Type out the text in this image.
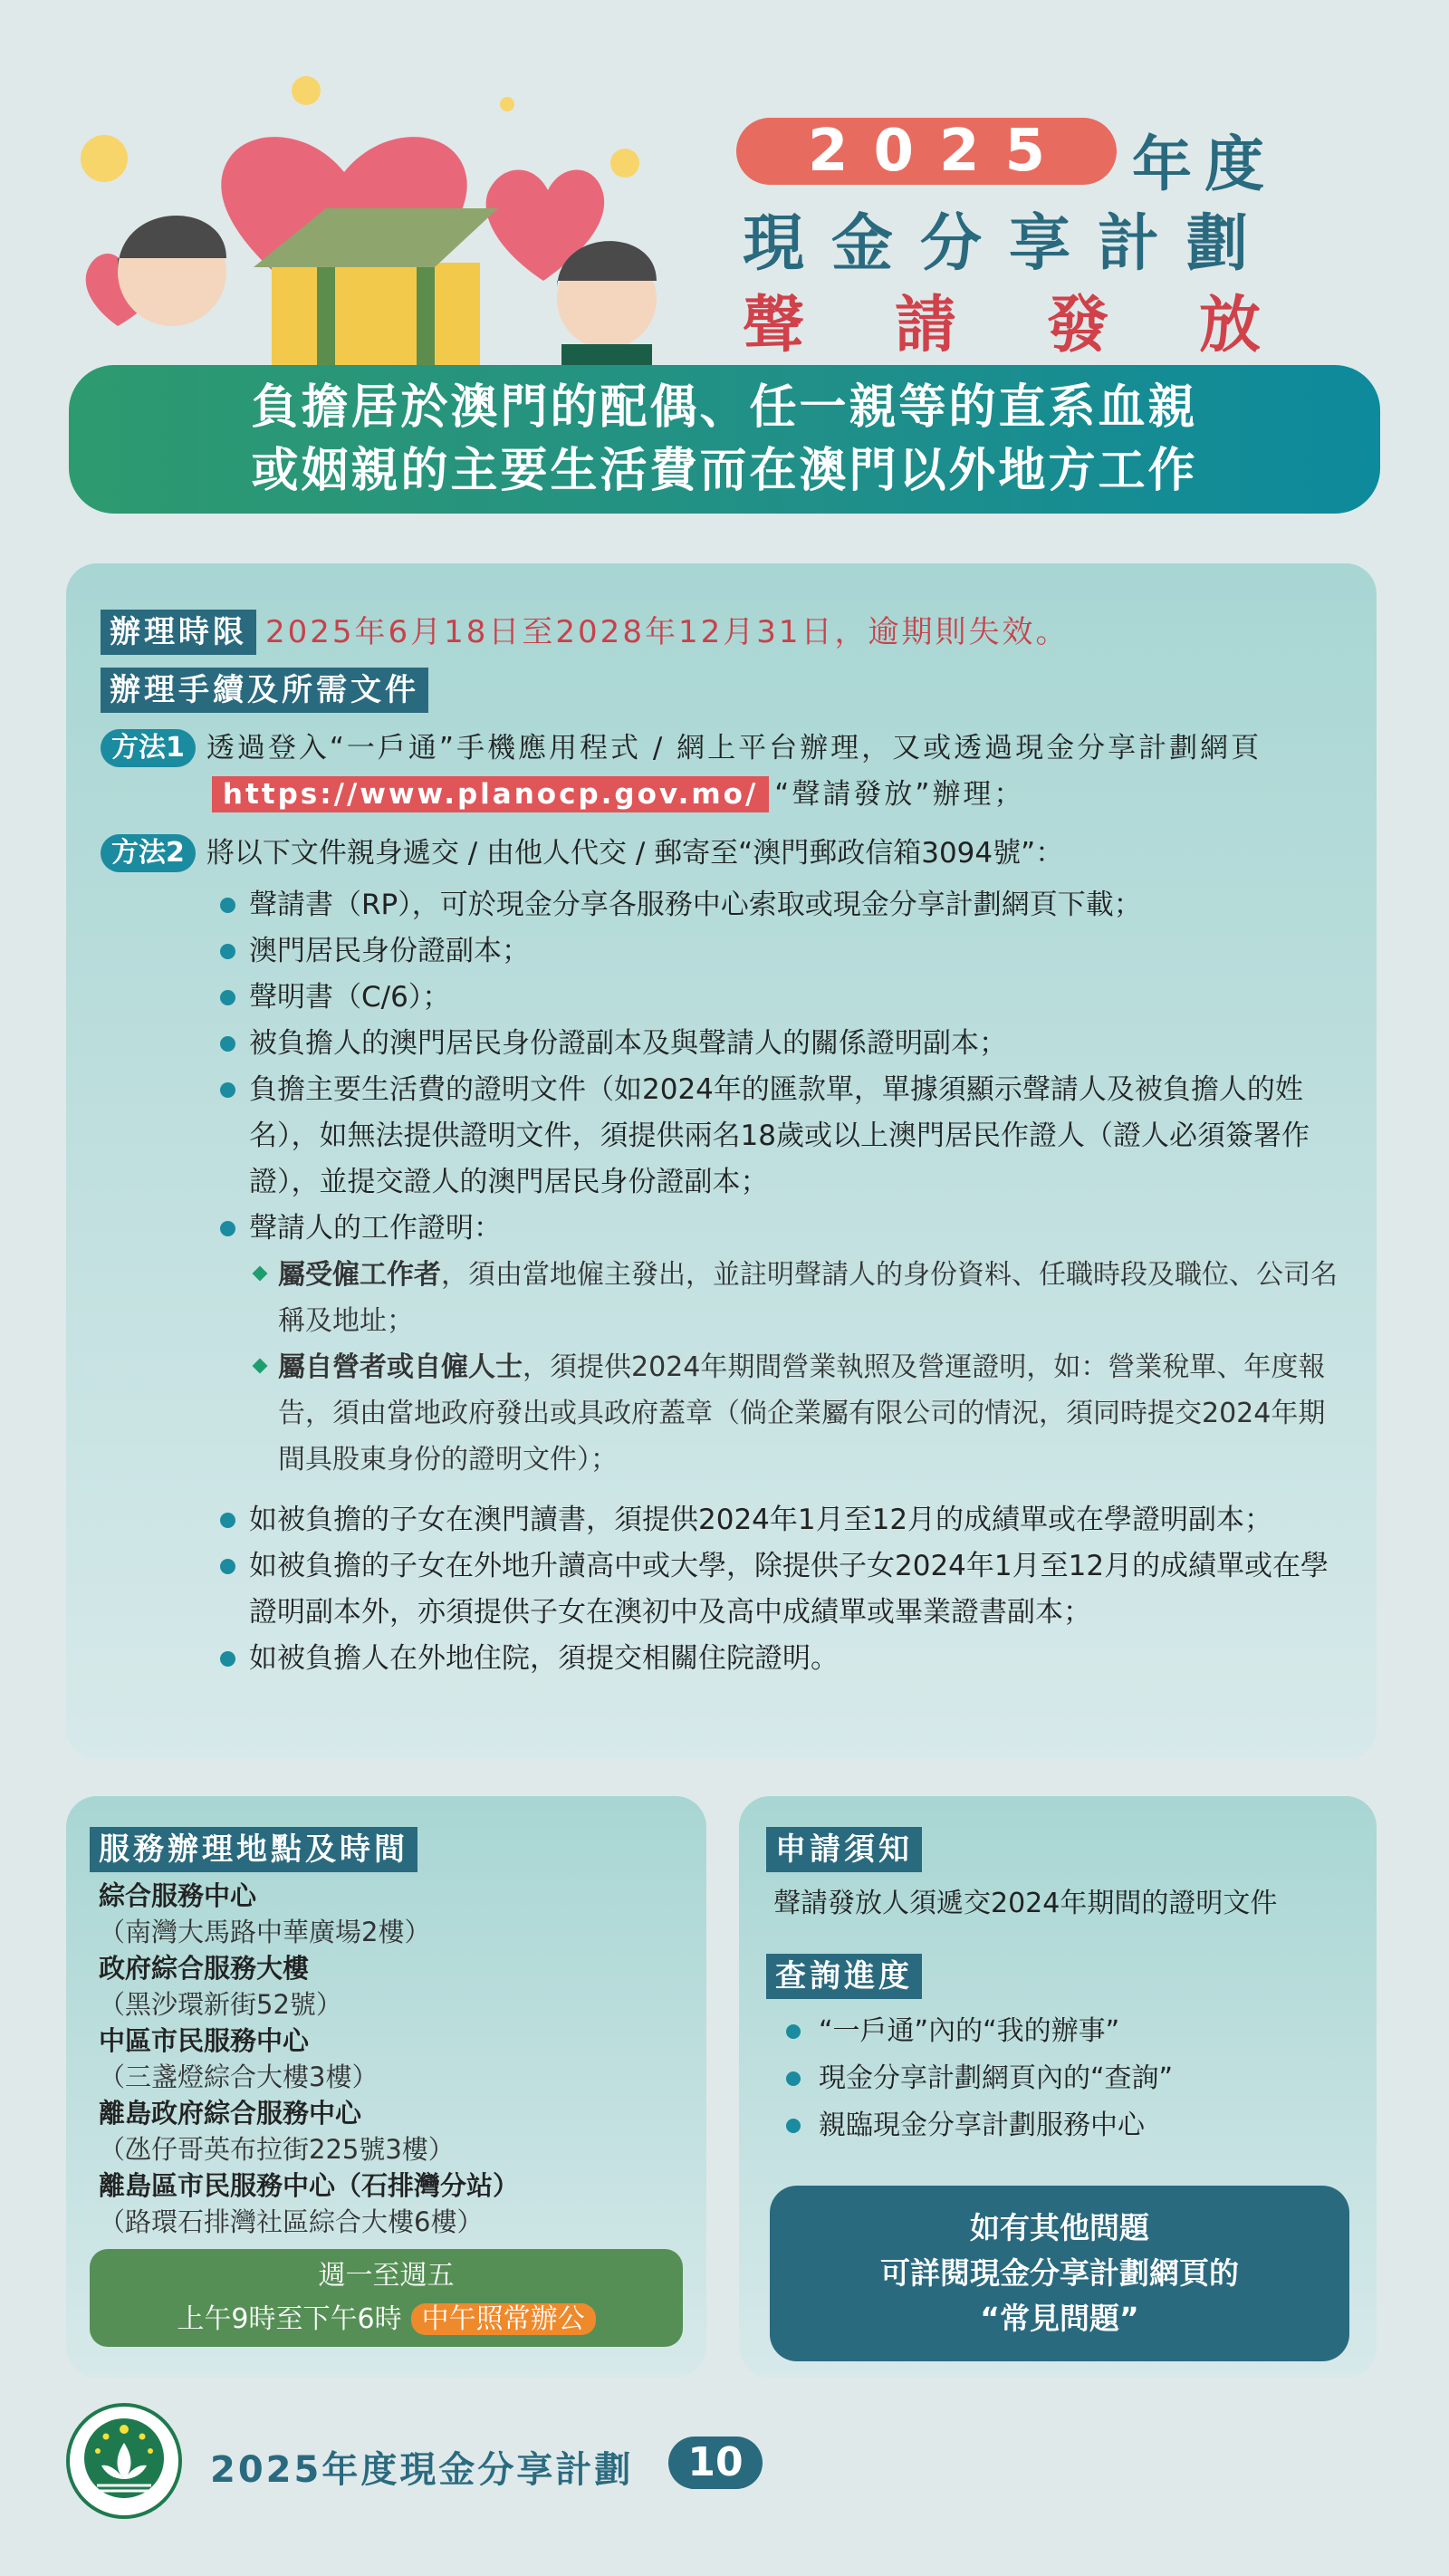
2025	年度
現金分享計劃
聲請發放
負擔居於澳門的配偶、任一親等的直系血親
或姻親的主要生活費而在澳門以外地方工作
辦理時限 2025年6月18日至2028年12月31日，逾期則失效。
辦理手續及所需文件
方法1 透過登入“一戶通”手機應用程式 / 網上平台辦理，又或透過現金分享計劃網頁https://www.planocp.gov.mo/ “聲請發放”辦理；
方法2 將以下文件親身遞交 / 由他人代交 / 郵寄至“澳門郵政信箱3094號”：
聲請書（RP），可於現金分享各服務中心索取或現金分享計劃網頁下載；
澳門居民身份證副本；
聲明書（C/6）；
被負擔人的澳門居民身份證副本及與聲請人的關係證明副本；
負擔主要生活費的證明文件（如2024年的匯款單，單據須顯示聲請人及被負擔人的姓名），如無法提供證明文件，須提供兩名18歲或以上澳門居民作證人（證人必須簽署作證），並提交證人的澳門居民身份證副本；
聲請人的工作證明：
屬受僱工作者，須由當地僱主發出，並註明聲請人的身份資料、任職時段及職位、公司名稱及地址；
屬自營者或自僱人士，須提供2024年期間營業執照及營運證明，如：營業稅單、年度報告，須由當地政府發出或具政府蓋章（倘企業屬有限公司的情況，須同時提交2024年期間具股東身份的證明文件）；
如被負擔的子女在澳門讀書，須提供2024年1月至12月的成績單或在學證明副本；
如被負擔的子女在外地升讀高中或大學，除提供子女2024年1月至12月的成績單或在學證明副本外，亦須提供子女在澳初中及高中成績單或畢業證書副本；
如被負擔人在外地住院，須提交相關住院證明。
服務辦理地點及時間
綜合服務中心
（南灣大馬路中華廣場2樓）
政府綜合服務大樓
（黑沙環新街52號）
中區市民服務中心
（三盞燈綜合大樓3樓）
離島政府綜合服務中心
（氹仔哥英布拉街225號3樓）
離島區市民服務中心（石排灣分站）
（路環石排灣社區綜合大樓6樓）
週一至週五
上午9時至下午6時 中午照常辦公
申請須知
聲請發放人須遞交2024年期間的證明文件
查詢進度
“一戶通”內的“我的辦事”
現金分享計劃網頁內的“查詢”
親臨現金分享計劃服務中心
如有其他問題
可詳閱現金分享計劃網頁的
“常見問題”
2025年度現金分享計劃	10
